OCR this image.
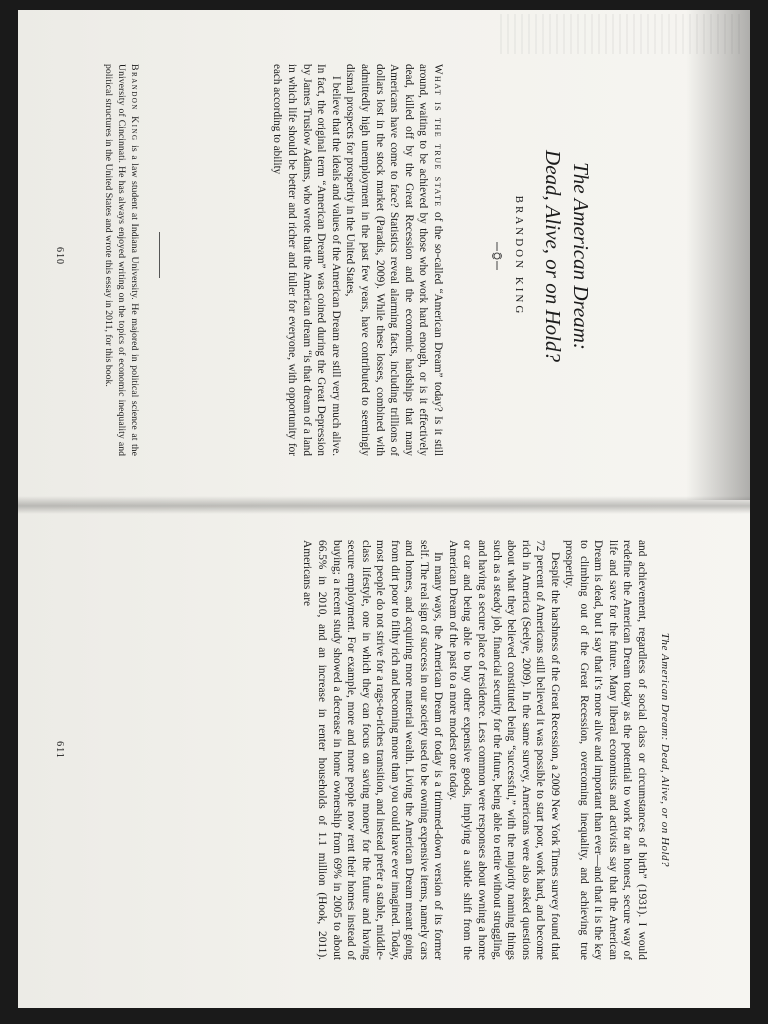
The American Dream:
Dead, Alive, or on Hold?
BRANDON KING

What is the true state of the so-called “American Dream” today? Is it still around, waiting to be achieved by those who work hard enough, or is it effectively dead, killed off by the Great Recession and the economic hardships that many Americans have come to face? Statistics reveal alarming facts, including trillions of dollars lost in the stock market (Paradis, 2009). While these losses, combined with admittedly high unemployment in the past few years, have contributed to seemingly dismal prospects for prosperity in the United States,

I believe that the ideals and values of the American Dream are still very much alive. In fact, the original term “American Dream” was coined during the Great Depression by James Truslow Adams, who wrote that the American dream “is that dream of a land in which life should be better and richer and fuller for everyone, with opportunity for each according to ability

Brandon King is a law student at Indiana University. He majored in political science at the University of Cincinnati. He has always enjoyed writing on the topics of economic inequality and political structures in the United States and wrote this essay in 2011, for this book.

610
The American Dream: Dead, Alive, or on Hold?

and achievement, regardless of social class or circumstances of birth” (1931). I would redefine the American Dream today as the potential to work for an honest, secure way of life and save for the future. Many liberal economists and activists say that the American Dream is dead, but I say that it’s more alive and important than ever—and that it is the key to climbing out of the Great Recession, overcoming inequality, and achieving true prosperity.

Despite the harshness of the Great Recession, a 2009 New York Times survey found that 72 percent of Americans still believed it was possible to start poor, work hard, and become rich in America (Seelye, 2009). In the same survey, Americans were also asked questions about what they believed constituted being “successful,” with the majority naming things such as a steady job, financial security for the future, being able to retire without struggling, and having a secure place of residence. Less common were responses about owning a home or car and being able to buy other expensive goods, implying a subtle shift from the American Dream of the past to a more modest one today.

In many ways, the American Dream of today is a trimmed-down version of its former self. The real sign of success in our society used to be owning expensive items, namely cars and homes, and acquiring more material wealth. Living the American Dream meant going from dirt poor to filthy rich and becoming more than you could have ever imagined. Today, most people do not strive for a rags-to-riches transition, and instead prefer a stable, middle-class lifestyle, one in which they can focus on saving money for the future and having secure employment. For example, more and more people now rent their homes instead of buying; a recent study showed a decrease in home ownership from 69% in 2005 to about 66.5% in 2010, and an increase in renter households of 1.1 million (Hook, 2011). Americans are

611
